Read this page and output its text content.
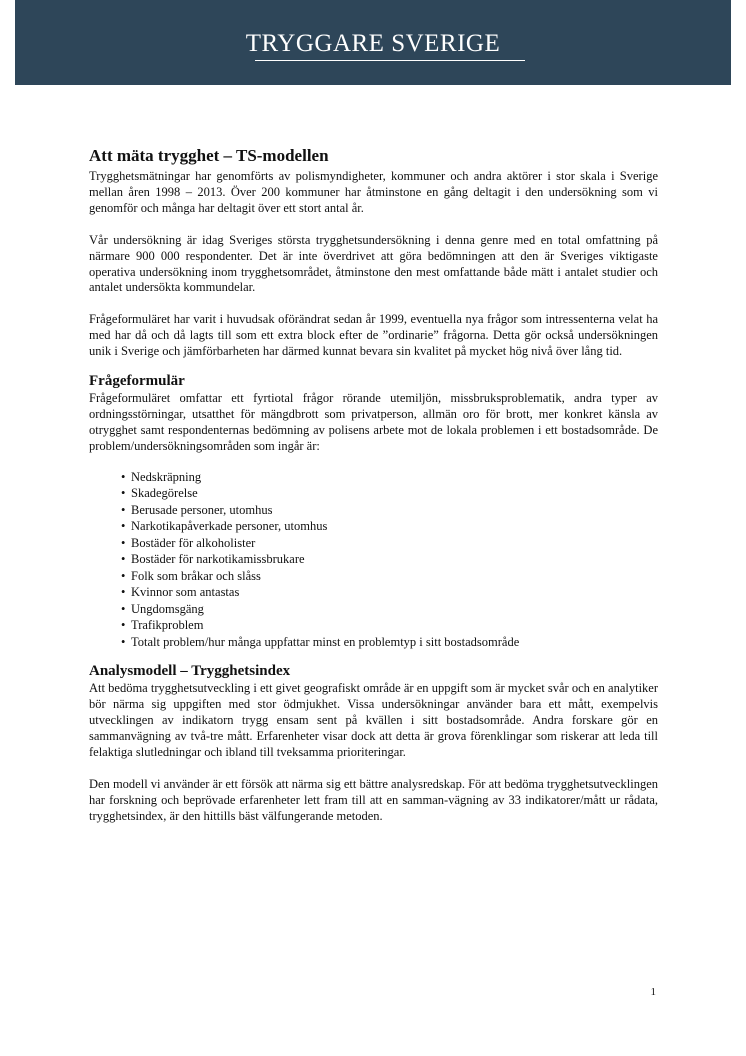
TRYGGARE SVERIGE
Att mäta trygghet – TS-modellen

Trygghetsmätningar har genomförts av polismyndigheter, kommuner och andra aktörer i stor skala i Sverige mellan åren 1998 – 2013. Över 200 kommuner har åtminstone en gång deltagit i den undersökning som vi genomför och många har deltagit över ett stort antal år.

Vår undersökning är idag Sveriges största trygghetsundersökning i denna genre med en total omfattning på närmare 900 000 respondenter. Det är inte överdrivet att göra bedömningen att den är Sveriges viktigaste operativa undersökning inom trygghetsområdet, åtminstone den mest omfattande både mätt i antalet studier och antalet undersökta kommundelar.

Frågeformuläret har varit i huvudsak oförändrat sedan år 1999, eventuella nya frågor som intressenterna velat ha med har då och då lagts till som ett extra block efter de ”ordinarie” frågorna. Detta gör också undersökningen unik i Sverige och jämförbarheten har därmed kunnat bevara sin kvalitet på mycket hög nivå över lång tid.

Frågeformulär

Frågeformuläret omfattar ett fyrtiotal frågor rörande utemiljön, missbruksproblematik, andra typer av ordningsstörningar, utsatthet för mängdbrott som privatperson, allmän oro för brott, mer konkret känsla av otrygghet samt respondenternas bedömning av polisens arbete mot de lokala problemen i ett bostadsområde. De problem/undersökningsområden som ingår är:

• Nedskräpning
• Skadegörelse
• Berusade personer, utomhus
• Narkotikapåverkade personer, utomhus
• Bostäder för alkoholister
• Bostäder för narkotikamissbrukare
• Folk som bråkar och slåss
• Kvinnor som antastas
• Ungdomsgäng
• Trafikproblem
• Totalt problem/hur många uppfattar minst en problemtyp i sitt bostadsområde
Analysmodell – Trygghetsindex

Att bedöma trygghetsutveckling i ett givet geografiskt område är en uppgift som är mycket svår och en analytiker bör närma sig uppgiften med stor ödmjukhet. Vissa undersökningar använder bara ett mått, exempelvis utvecklingen av indikatorn trygg ensam sent på kvällen i sitt bostadsområde. Andra forskare gör en sammanvägning av två-tre mått. Erfarenheter visar dock att detta är grova förenklingar som riskerar att leda till felaktiga slutledningar och ibland till tveksamma prioriteringar.

Den modell vi använder är ett försök att närma sig ett bättre analysredskap. För att bedöma trygghetsutvecklingen har forskning och beprövade erfarenheter lett fram till att en samman-vägning av 33 indikatorer/mått ur rådata, trygghetsindex, är den hittills bäst välfungerande metoden.

1
